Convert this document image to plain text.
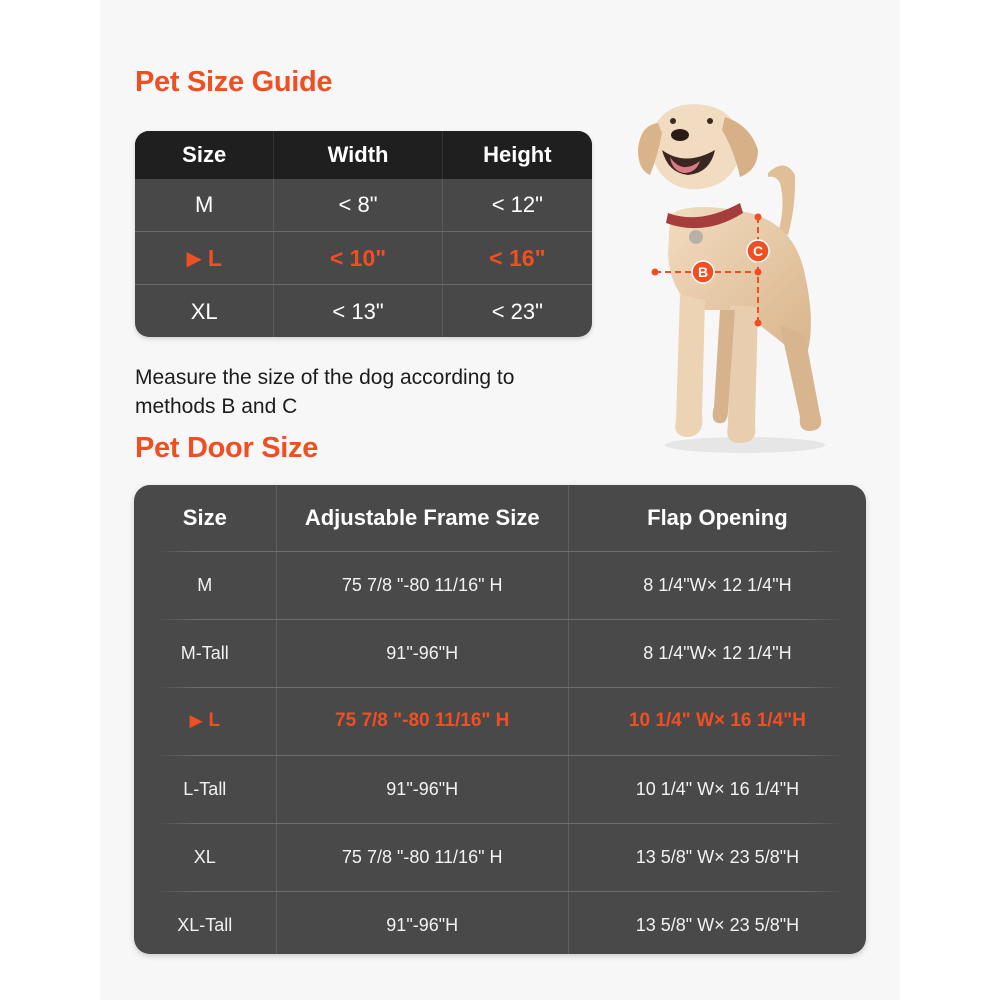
Pet Size Guide
Size	Width	Height
M	< 8"	< 12"
▶ L	< 10"	< 16"
XL	< 13"	< 23"

Measure the size of the dog according to methods B and C

B
C
Pet Door Size
Size	Adjustable Frame Size	Flap Opening
M	75 7/8 "-80 11/16" H	8 1/4"W× 12 1/4"H
M-Tall	91"-96"H	8 1/4"W× 12 1/4"H
▶ L	75 7/8 "-80 11/16" H	10 1/4" W× 16 1/4"H
L-Tall	91"-96"H	10 1/4" W× 16 1/4"H
XL	75 7/8 "-80 11/16" H	13 5/8" W× 23 5/8"H
XL-Tall	91"-96"H	13 5/8" W× 23 5/8"H
